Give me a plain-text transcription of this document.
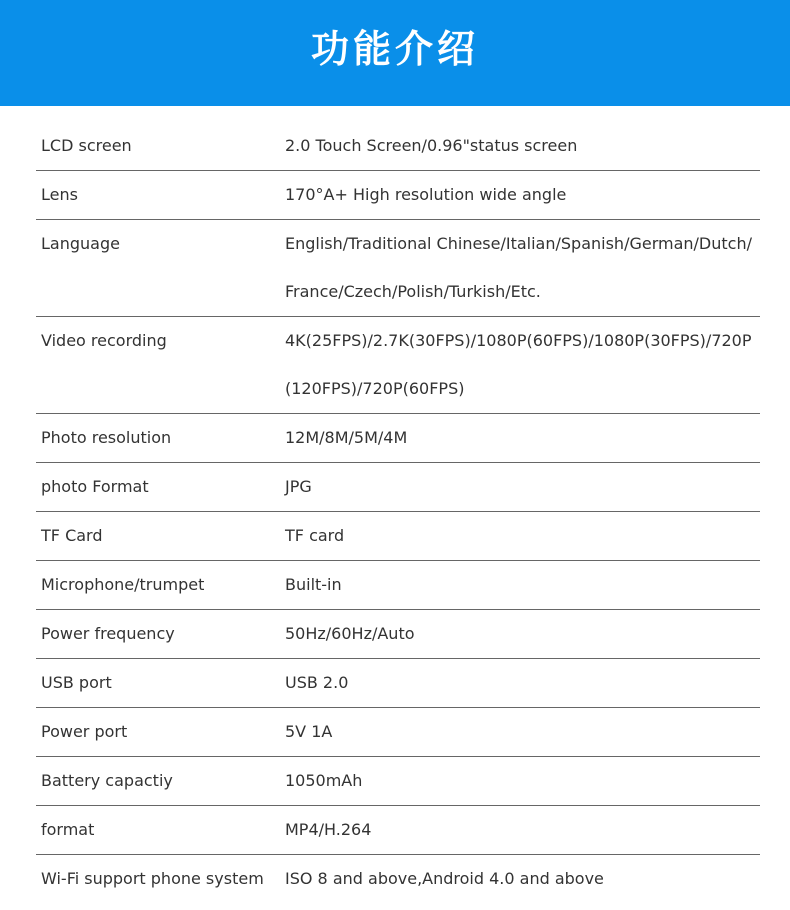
功能介绍
LCD screen	2.0 Touch Screen/0.96"status screen
Lens	170°A+ High resolution wide angle
Language	English/Traditional Chinese/Italian/Spanish/German/Dutch/
France/Czech/Polish/Turkish/Etc.
Video recording	4K(25FPS)/2.7K(30FPS)/1080P(60FPS)/1080P(30FPS)/720P
(120FPS)/720P(60FPS)
Photo resolution	12M/8M/5M/4M
photo Format	JPG
TF Card	TF card
Microphone/trumpet	Built-in
Power frequency	50Hz/60Hz/Auto
USB port	USB 2.0
Power port	5V 1A
Battery capactiy	1050mAh
format	MP4/H.264
Wi-Fi support phone system	ISO 8 and above,Android 4.0 and above
